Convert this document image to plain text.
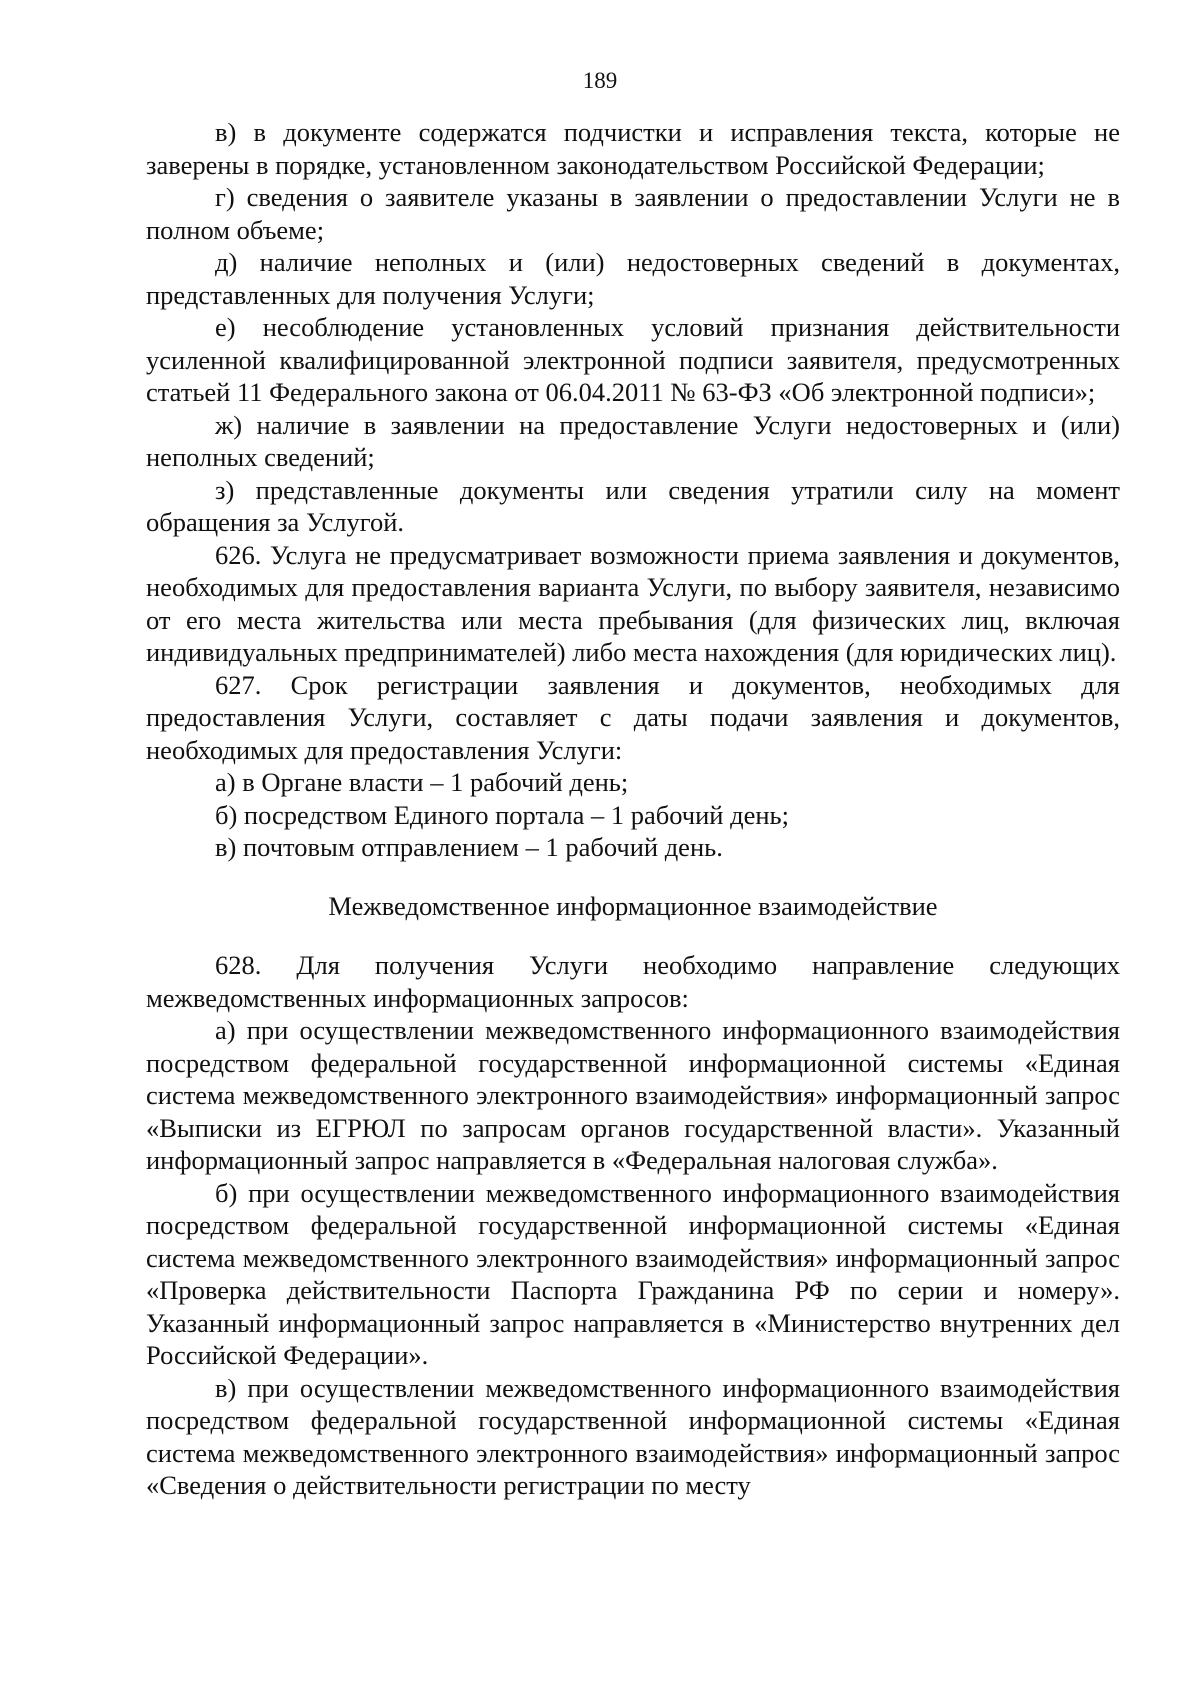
189

в) в документе содержатся подчистки и исправления текста, которые не заверены в порядке, установленном законодательством Российской Федерации;

г) сведения о заявителе указаны в заявлении о предоставлении Услуги не в полном объеме;

д) наличие неполных и (или) недостоверных сведений в документах, представленных для получения Услуги;

е) несоблюдение установленных условий признания действительности усиленной квалифицированной электронной подписи заявителя, предусмотренных статьей 11 Федерального закона от 06.04.2011 № 63-ФЗ «Об электронной подписи»;

ж) наличие в заявлении на предоставление Услуги недостоверных и (или) неполных сведений;

з) представленные документы или сведения утратили силу на момент обращения за Услугой.

626. Услуга не предусматривает возможности приема заявления и документов, необходимых для предоставления варианта Услуги, по выбору заявителя, независимо от его места жительства или места пребывания (для физических лиц, включая индивидуальных предпринимателей) либо места нахождения (для юридических лиц).

627. Срок регистрации заявления и документов, необходимых для предоставления Услуги, составляет с даты подачи заявления и документов, необходимых для предоставления Услуги:

а) в Органе власти – 1 рабочий день;

б) посредством Единого портала – 1 рабочий день;

в) почтовым отправлением – 1 рабочий день.

Межведомственное информационное взаимодействие

628. Для получения Услуги необходимо направление следующих межведомственных информационных запросов:

а) при осуществлении межведомственного информационного взаимодействия посредством федеральной государственной информационной системы «Единая система межведомственного электронного взаимодействия» информационный запрос «Выписки из ЕГРЮЛ по запросам органов государственной власти». Указанный информационный запрос направляется в «Федеральная налоговая служба».

б) при осуществлении межведомственного информационного взаимодействия посредством федеральной государственной информационной системы «Единая система межведомственного электронного взаимодействия» информационный запрос «Проверка действительности Паспорта Гражданина РФ по серии и номеру». Указанный информационный запрос направляется в «Министерство внутренних дел Российской Федерации».

в) при осуществлении межведомственного информационного взаимодействия посредством федеральной государственной информационной системы «Единая система межведомственного электронного взаимодействия» информационный запрос «Сведения о действительности регистрации по месту
